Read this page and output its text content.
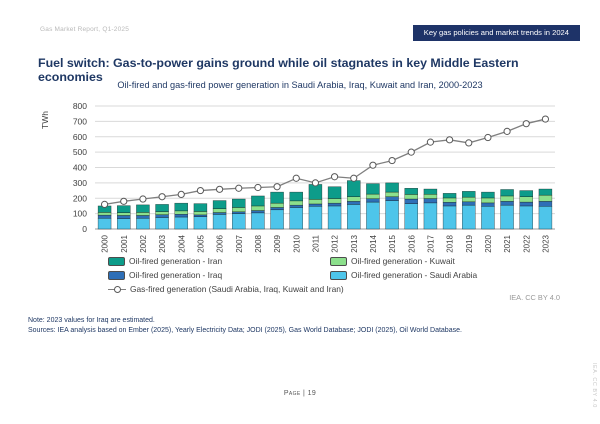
Gas Market Report, Q1-2025	Key gas policies and market trends in 2024
Fuel switch: Gas-to-power gains ground while oil stagnates in key Middle Eastern economies
Oil-fired and gas-fired power generation in Saudi Arabia, Iraq, Kuwait and Iran, 2000-2023
0
100
200
300
400
500
600
700
800
TWh
2000 2001 2002 2003 2004 2005 2006 2007 2008 2009 2010 2011 2012 2013 2014 2015 2016 2017 2018 2019 2020 2021 2022 2023
Oil-fired generation - Iran	Oil-fired generation - Kuwait
Oil-fired generation - Iraq	Oil-fired generation - Saudi Arabia
Gas-fired generation (Saudi Arabia, Iraq, Kuwait and Iran)
IEA. CC BY 4.0
Note: 2023 values for Iraq are estimated.
Sources: IEA analysis based on Ember (2025), Yearly Electricity Data; JODI (2025), Gas World Database; JODI (2025), Oil World Database.
Page | 19	IEA. CC BY 4.0
